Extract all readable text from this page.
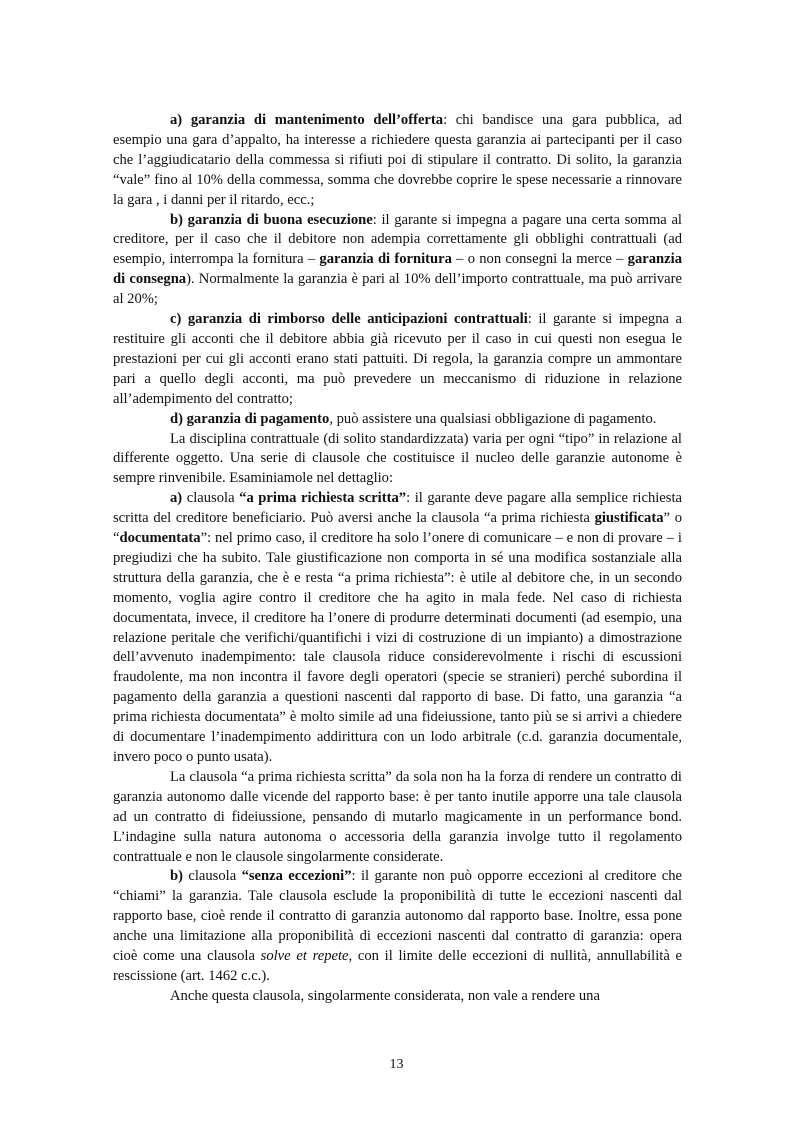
a) garanzia di mantenimento dell’offerta: chi bandisce una gara pubblica, ad esempio una gara d’appalto, ha interesse a richiedere questa garanzia ai partecipanti per il caso che l’aggiudicatario della commessa si rifiuti poi di stipulare il contratto. Di solito, la garanzia “vale” fino al 10% della commessa, somma che dovrebbe coprire le spese necessarie a rinnovare la gara , i danni per il ritardo, ecc.;

b) garanzia di buona esecuzione: il garante si impegna a pagare una certa somma al creditore, per il caso che il debitore non adempia correttamente gli obblighi contrattuali (ad esempio, interrompa la fornitura – garanzia di fornitura – o non consegni la merce – garanzia di consegna). Normalmente la garanzia è pari al 10% dell’importo contrattuale, ma può arrivare al 20%;

c) garanzia di rimborso delle anticipazioni contrattuali: il garante si impegna a restituire gli acconti che il debitore abbia già ricevuto per il caso in cui questi non esegua le prestazioni per cui gli acconti erano stati pattuiti. Di regola, la garanzia compre un ammontare pari a quello degli acconti, ma può prevedere un meccanismo di riduzione in relazione all’adempimento del contratto;

d) garanzia di pagamento, può assistere una qualsiasi obbligazione di pagamento.

La disciplina contrattuale (di solito standardizzata) varia per ogni “tipo” in relazione al differente oggetto. Una serie di clausole che costituisce il nucleo delle garanzie autonome è sempre rinvenibile. Esaminiamole nel dettaglio:

a) clausola “a prima richiesta scritta”: il garante deve pagare alla semplice richiesta scritta del creditore beneficiario. Può aversi anche la clausola “a prima richiesta giustificata” o “documentata”: nel primo caso, il creditore ha solo l’onere di comunicare – e non di provare – i pregiudizi che ha subito. Tale giustificazione non comporta in sé una modifica sostanziale alla struttura della garanzia, che è e resta “a prima richiesta”: è utile al debitore che, in un secondo momento, voglia agire contro il creditore che ha agito in mala fede. Nel caso di richiesta documentata, invece, il creditore ha l’onere di produrre determinati documenti (ad esempio, una relazione peritale che verifichi/quantifichi i vizi di costruzione di un impianto) a dimostrazione dell’avvenuto inadempimento: tale clausola riduce considerevolmente i rischi di escussioni fraudolente, ma non incontra il favore degli operatori (specie se stranieri) perché subordina il pagamento della garanzia a questioni nascenti dal rapporto di base. Di fatto, una garanzia “a prima richiesta documentata” è molto simile ad una fideiussione, tanto più se si arrivi a chiedere di documentare l’inadempimento addirittura con un lodo arbitrale (c.d. garanzia documentale, invero poco o punto usata).

La clausola “a prima richiesta scritta” da sola non ha la forza di rendere un contratto di garanzia autonomo dalle vicende del rapporto base: è per tanto inutile apporre una tale clausola ad un contratto di fideiussione, pensando di mutarlo magicamente in un performance bond. L’indagine sulla natura autonoma o accessoria della garanzia involge tutto il regolamento contrattuale e non le clausole singolarmente considerate.

b) clausola “senza eccezioni”: il garante non può opporre eccezioni al creditore che “chiami” la garanzia. Tale clausola esclude la proponibilità di tutte le eccezioni nascenti dal rapporto base, cioè rende il contratto di garanzia autonomo dal rapporto base. Inoltre, essa pone anche una limitazione alla proponibilità di eccezioni nascenti dal contratto di garanzia: opera cioè come una clausola solve et repete, con il limite delle eccezioni di nullità, annullabilità e rescissione (art. 1462 c.c.).

Anche questa clausola, singolarmente considerata, non vale a rendere una

13
